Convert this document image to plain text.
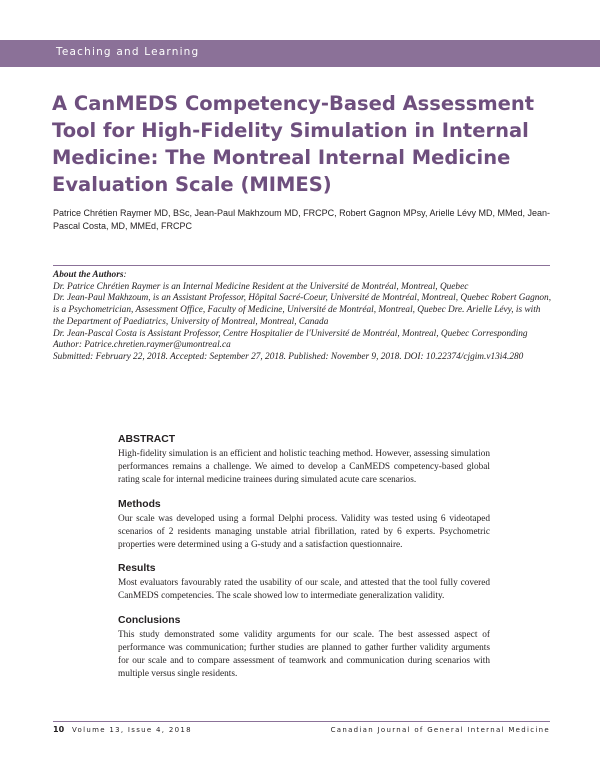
Teaching and Learning
A CanMEDS Competency-Based Assessment Tool for High-Fidelity Simulation in Internal Medicine: The Montreal Internal Medicine Evaluation Scale (MIMES)

Patrice Chrétien Raymer MD, BSc, Jean-Paul Makhzoum MD, FRCPC, Robert Gagnon MPsy, Arielle Lévy MD, MMed, Jean-Pascal Costa, MD, MMEd, FRCPC

About the Authors:
Dr. Patrice Chrétien Raymer is an Internal Medicine Resident at the Université de Montréal, Montreal, Quebec
Dr. Jean-Paul Makhzoum, is an Assistant Professor, Hôpital Sacré-Coeur, Université de Montréal, Montreal, Quebec Robert Gagnon, is a Psychometrician, Assessment Office, Faculty of Medicine, Université de Montréal, Montreal, Quebec Dre. Arielle Lévy, is with the Department of Paediatrics, University of Montreal, Montreal, Canada
Dr. Jean-Pascal Costa is Assistant Professor, Centre Hospitalier de l'Université de Montréal, Montreal, Quebec Corresponding Author: Patrice.chretien.raymer@umontreal.ca
Submitted: February 22, 2018. Accepted: September 27, 2018. Published: November 9, 2018. DOI: 10.22374/cjgim.v13i4.280
ABSTRACT

High-fidelity simulation is an efficient and holistic teaching method. However, assessing simulation performances remains a challenge. We aimed to develop a CanMEDS competency-based global rating scale for internal medicine trainees during simulated acute care scenarios.

Methods

Our scale was developed using a formal Delphi process. Validity was tested using 6 videotaped scenarios of 2 residents managing unstable atrial fibrillation, rated by 6 experts. Psychometric properties were determined using a G-study and a satisfaction questionnaire.

Results

Most evaluators favourably rated the usability of our scale, and attested that the tool fully covered CanMEDS competencies. The scale showed low to intermediate generalization validity.

Conclusions

This study demonstrated some validity arguments for our scale. The best assessed aspect of performance was communication; further studies are planned to gather further validity arguments for our scale and to compare assessment of teamwork and communication during scenarios with multiple versus single residents.

10 Volume 13, Issue 4, 2018	Canadian Journal of General Internal Medicine
